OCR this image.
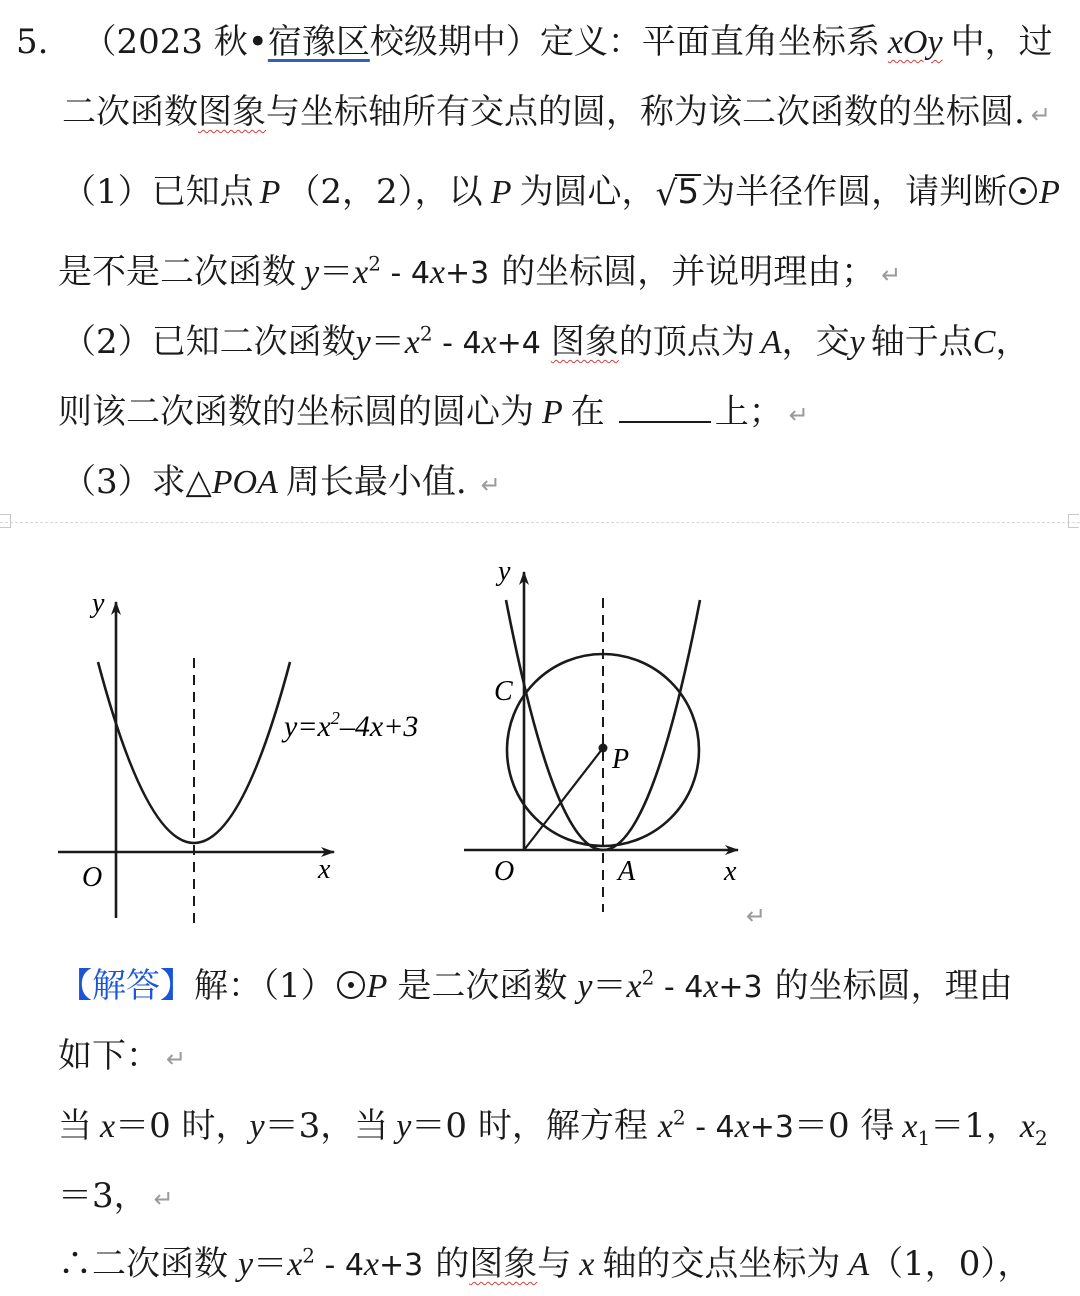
5. （2023 秋•宿豫区校级期中）定义：平面直角坐标系 xOy 中，过
二次函数图象与坐标轴所有交点的圆，称为该二次函数的坐标圆. ↵
（1）已知点 P （2，2），以 P 为圆心， √ 5为半径作圆，请判断 P
是不是二次函数 $y=x^2 - 4x+3$ 的坐标圆，并说明理由； ↵
（2）已知二次函数$y=x^2 - 4x+4$ 图象的顶点为 A，交y 轴于点C，
则该二次函数的坐标圆的圆心为 P 在	上； ↵
（3）求△POA 周长最小值. ↵
y
O	x
$y=x^2-4x+3$
y
O	x
C
P
A
↵
【解答】解：（1） P 是二次函数 $y=x^2 - 4x+3$ 的坐标圆，理由
如下： ↵
当 x＝0 时，y＝3，当 y＝0 时，解方程 $x^2 - 4x+3=0$ 得 $x_1=1$，$x_2$
＝3， ↵
∴二次函数 $y=x^2 - 4x+3$ 的图象与 x 轴的交点坐标为 A（1，0），
